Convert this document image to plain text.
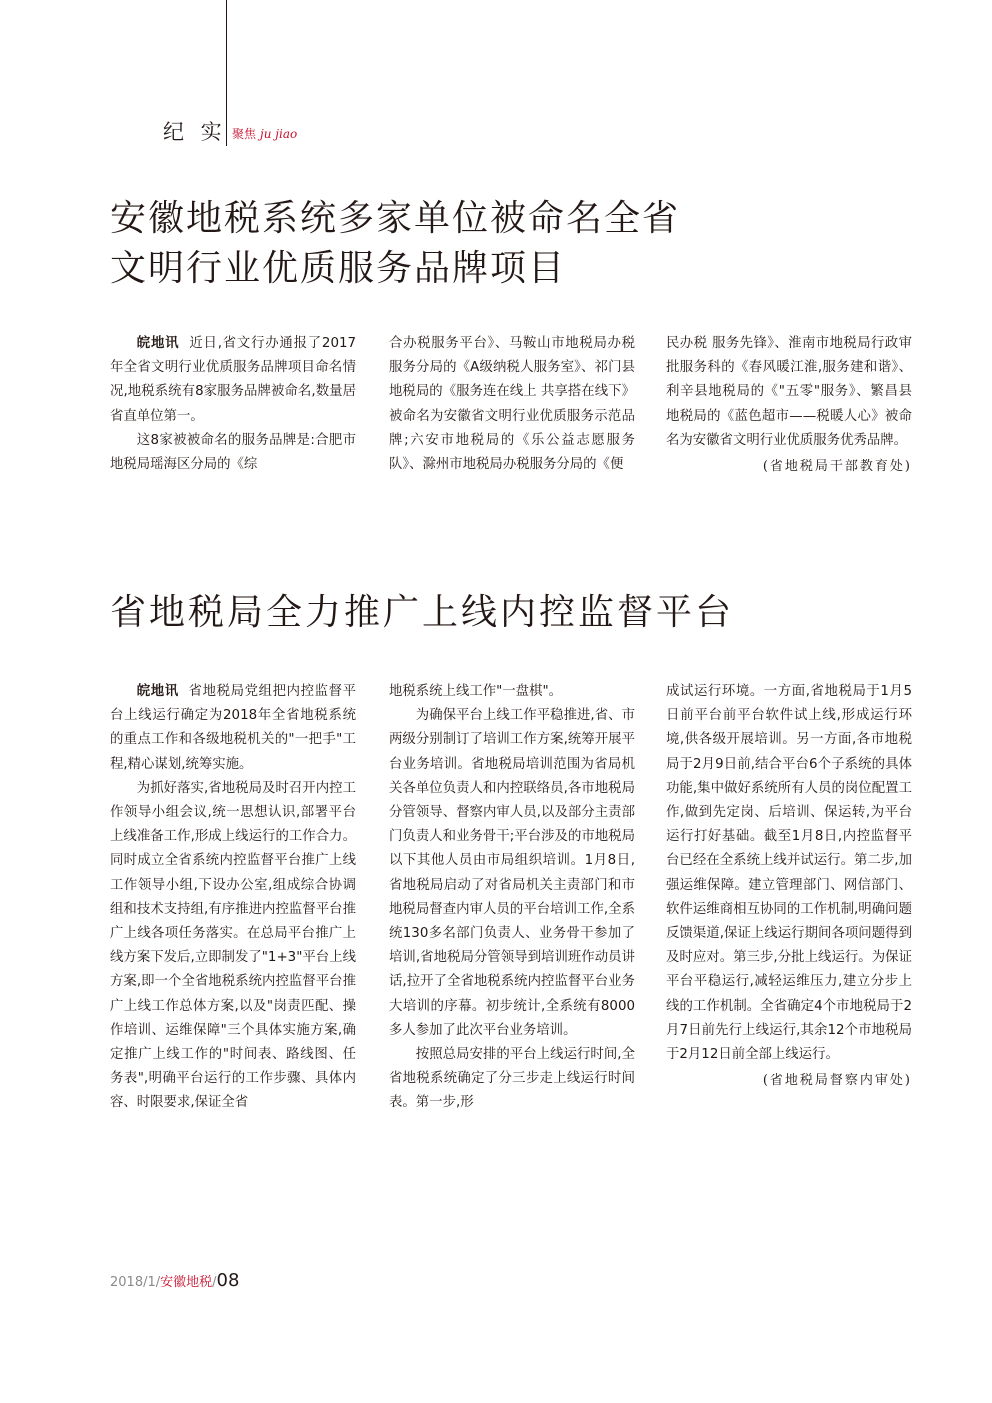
纪 实 聚焦 ju jiao
安徽地税系统多家单位被命名全省
文明行业优质服务品牌项目

皖地讯 近日,省文行办通报了2017年全省文明行业优质服务品牌项目命名情况,地税系统有8家服务品牌被命名,数量居省直单位第一。

这8家被被命名的服务品牌是:合肥市地税局瑶海区分局的《综

合办税服务平台》、马鞍山市地税局办税服务分局的《A级纳税人服务室》、祁门县地税局的《服务连在线上 共享搭在线下》被命名为安徽省文明行业优质服务示范品牌;六安市地税局的《乐公益志愿服务队》、滁州市地税局办税服务分局的《便

民办税 服务先锋》、淮南市地税局行政审批服务科的《春风暖江淮,服务建和谐》、利辛县地税局的《"五零"服务》、繁昌县地税局的《蓝色超市——税暖人心》被命名为安徽省文明行业优质服务优秀品牌。

(省地税局干部教育处)
省地税局全力推广上线内控监督平台

皖地讯 省地税局党组把内控监督平台上线运行确定为2018年全省地税系统的重点工作和各级地税机关的"一把手"工程,精心谋划,统筹实施。

为抓好落实,省地税局及时召开内控工作领导小组会议,统一思想认识,部署平台上线准备工作,形成上线运行的工作合力。同时成立全省系统内控监督平台推广上线工作领导小组,下设办公室,组成综合协调组和技术支持组,有序推进内控监督平台推广上线各项任务落实。在总局平台推广上线方案下发后,立即制发了"1+3"平台上线方案,即一个全省地税系统内控监督平台推广上线工作总体方案,以及"岗责匹配、操作培训、运维保障"三个具体实施方案,确定推广上线工作的"时间表、路线图、任务表",明确平台运行的工作步骤、具体内容、时限要求,保证全省

地税系统上线工作"一盘棋"。

为确保平台上线工作平稳推进,省、市两级分别制订了培训工作方案,统筹开展平台业务培训。省地税局培训范围为省局机关各单位负责人和内控联络员,各市地税局分管领导、督察内审人员,以及部分主责部门负责人和业务骨干;平台涉及的市地税局以下其他人员由市局组织培训。1月8日,省地税局启动了对省局机关主责部门和市地税局督查内审人员的平台培训工作,全系统130多名部门负责人、业务骨干参加了培训,省地税局分管领导到培训班作动员讲话,拉开了全省地税系统内控监督平台业务大培训的序幕。初步统计,全系统有8000多人参加了此次平台业务培训。

按照总局安排的平台上线运行时间,全省地税系统确定了分三步走上线运行时间表。第一步,形

成试运行环境。一方面,省地税局于1月5日前平台前平台软件试上线,形成运行环境,供各级开展培训。另一方面,各市地税局于2月9日前,结合平台6个子系统的具体功能,集中做好系统所有人员的岗位配置工作,做到先定岗、后培训、保运转,为平台运行打好基础。截至1月8日,内控监督平台已经在全系统上线并试运行。第二步,加强运维保障。建立管理部门、网信部门、软件运维商相互协同的工作机制,明确问题反馈渠道,保证上线运行期间各项问题得到及时应对。第三步,分批上线运行。为保证平台平稳运行,减轻运维压力,建立分步上线的工作机制。全省确定4个市地税局于2月7日前先行上线运行,其余12个市地税局于2月12日前全部上线运行。

(省地税局督察内审处)
2018/1/安徽地税/08
